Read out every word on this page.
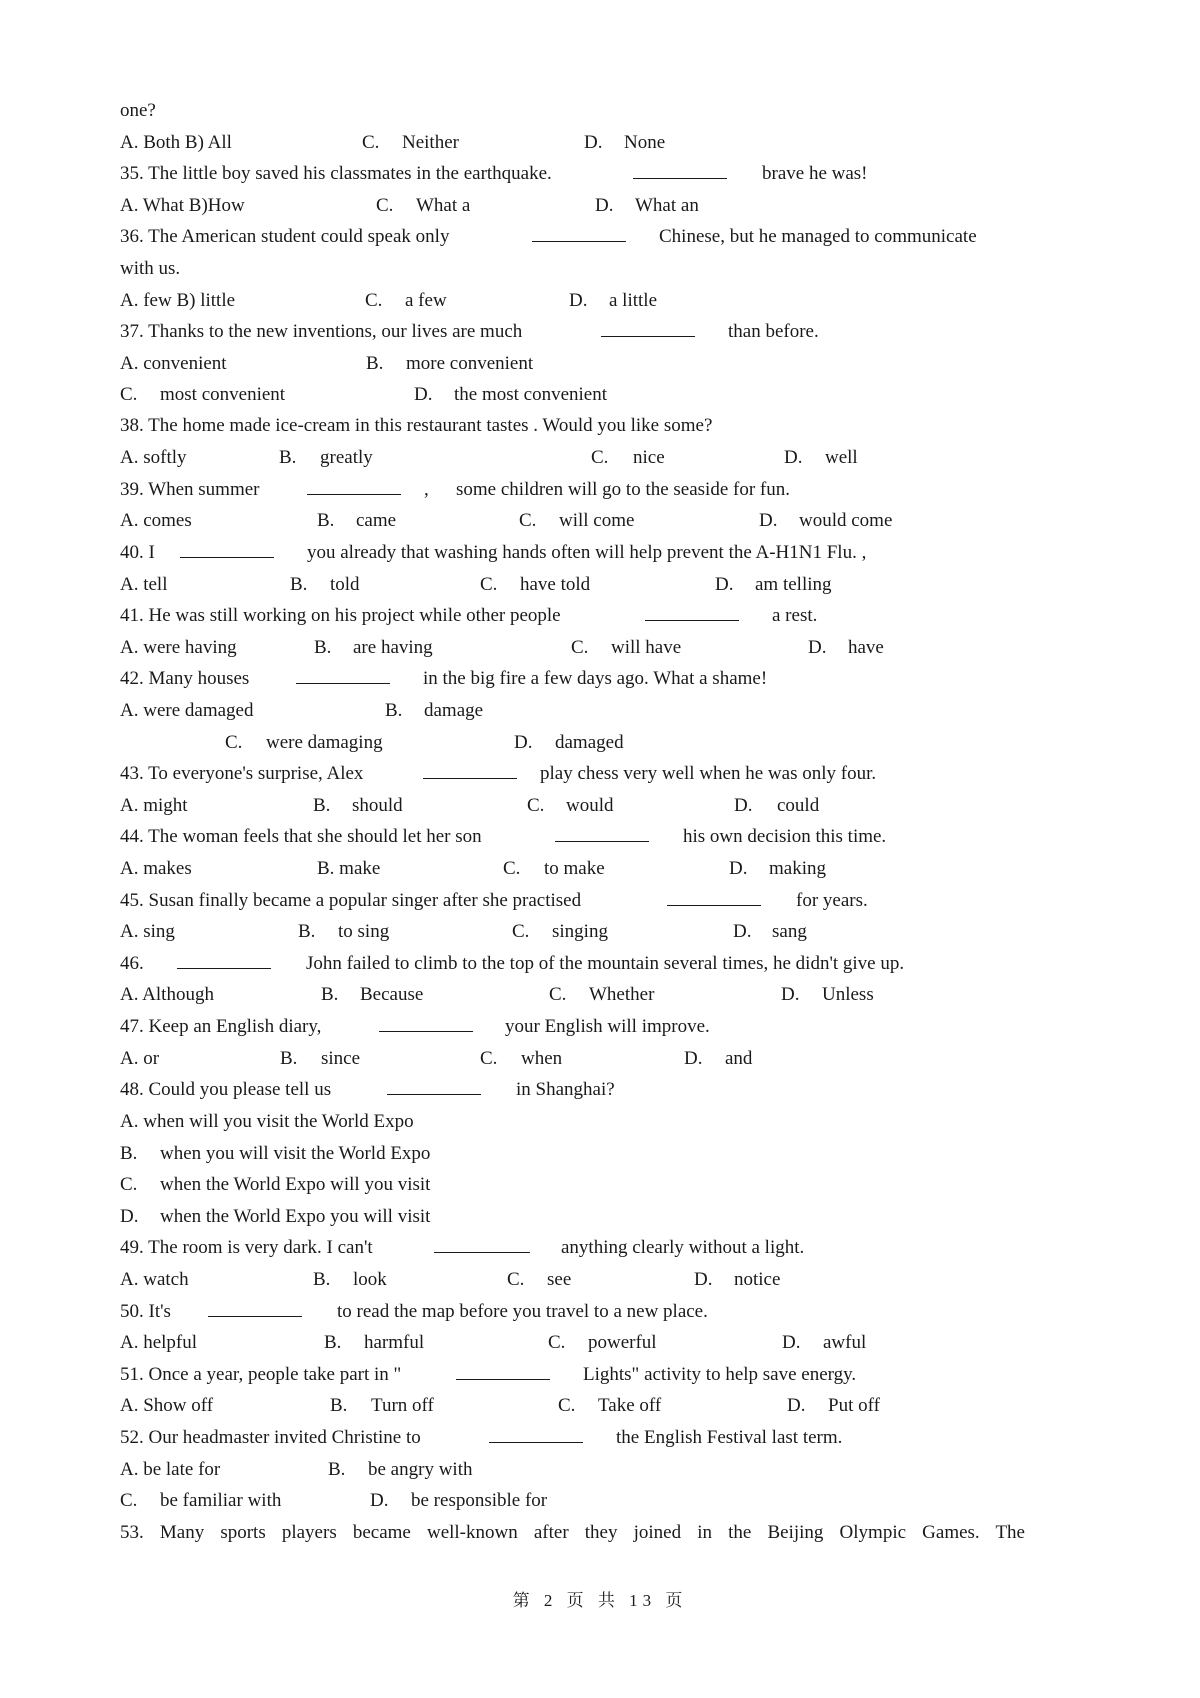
one?
A. Both B) All	C. Neither	D. None
35. The little boy saved his classmates in the earthquake.	brave he was!
A. What B)How	C. What a	D. What an
36. The American student could speak only	Chinese, but he managed to communicate
with us.
A. few B) little	C. a few	D. a little
37. Thanks to the new inventions, our lives are much	than before.
A. convenient	B. more convenient
C. most convenient	D. the most convenient
38. The home made ice-cream in this restaurant tastes . Would you like some?
A. softly	B. greatly	C. nice	D. well
39. When summer	, some children will go to the seaside for fun.
A. comes	B. came	C. will come	D. would come
40. I	you already that washing hands often will help prevent the A-H1N1 Flu. ,
A. tell	B. told	C. have told	D. am telling
41. He was still working on his project while other people	a rest.
A. were having	B. are having	C. will have	D. have
42. Many houses	in the big fire a few days ago. What a shame!
A. were damaged	B. damage
C. were damaging	D. damaged
43. To everyone's surprise, Alex	play chess very well when he was only four.
A. might	B. should	C. would	D. could
44. The woman feels that she should let her son	his own decision this time.
A. makes	B. make	C. to make	D. making
45. Susan finally became a popular singer after she practised	for years.
A. sing	B. to sing	C. singing	D. sang
46.	John failed to climb to the top of the mountain several times, he didn't give up.
A. Although	B. Because	C. Whether	D. Unless
47. Keep an English diary,	your English will improve.
A. or	B. since	C. when	D. and
48. Could you please tell us	in Shanghai?
A. when will you visit the World Expo
B. when you will visit the World Expo
C. when the World Expo will you visit
D. when the World Expo you will visit
49. The room is very dark. I can't	anything clearly without a light.
A. watch	B. look	C. see	D. notice
50. It's	to read the map before you travel to a new place.
A. helpful	B. harmful	C. powerful	D. awful
51. Once a year, people take part in "	Lights" activity to help save energy.
A. Show off	B. Turn off	C. Take off	D. Put off
52. Our headmaster invited Christine to	the English Festival last term.
A. be late for	B. be angry with
C. be familiar with	D. be responsible for
53. Many sports players became well-known after they joined in the Beijing Olympic Games. The
第 2 页 共 13 页
